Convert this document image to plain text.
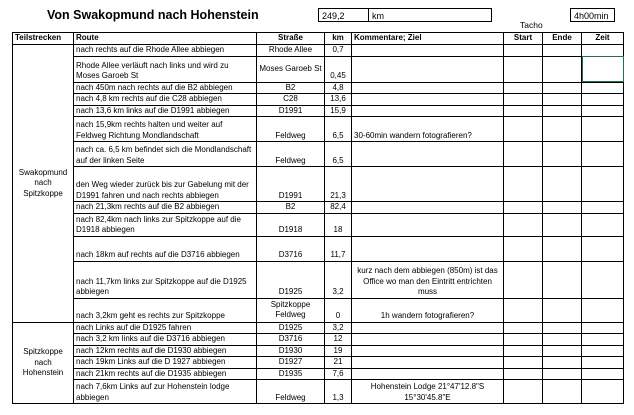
Von Swakopmund nach Hohenstein	249,2	km	4h00min
Tacho
Teilstrecken	Route	Straße	km	Kommentare; Ziel	Start	Ende	Zeit
Swakopmund nach Spitzkoppe	nach rechts auf die Rhode Allee abbiegen	Rhode Allee	0,7				
	Rhode Allee verläuft nach links und wird zu Moses Garoeb St	Moses Garoeb St	0,45				
	nach 450m nach rechts auf die B2 abbiegen	B2	4,8				
	nach 4,8 km rechts auf die C28 abbiegen	C28	13,6				
	nach 13,6 km links auf die D1991 abbiegen	D1991	15,9				
	nach 15,9km rechts halten und weiter auf Feldweg Richtung Mondlandschaft	Feldweg	6,5	30-60min wandern fotografieren?			
	nach ca. 6,5 km befindet sich die Mondlandschaft auf der linken Seite	Feldweg	6,5				
	den Weg wieder zurück bis zur Gabelung mit der D1991 fahren und nach rechts abbiegen	D1991	21,3				
	nach 21,3km rechts auf die B2 abbiegen	B2	82,4				
	nach 82,4km nach links zur Spitzkoppe auf die D1918 abbiegen	D1918	18				
	nach 18km auf rechts auf die D3716 abbiegen	D3716	11,7				
	nach 11,7km links zur Spitzkoppe auf die D1925 abbiegen	D1925	3,2	kurz nach dem abbiegen (850m) ist das Office wo man den Eintritt entrichten muss			
	nach 3,2km geht es rechts zur Spitzkoppe	Spitzkoppe Feldweg	0	1h wandern fotografieren?			
Spitzkoppe nach Hohenstein	nach Links auf die D1925 fahren	D1925	3,2				
	nach 3,2 km links auf die D3716 abbiegen	D3716	12				
	nach 12km rechts auf die D1930 abbiegen	D1930	19				
	nach 19km Links auf die D 1927 abbiegen	D1927	21				
	nach 21km rechts auf die D1935 abbiegen	D1935	7,6				
	nach 7,6km Links auf zur Hohenstein lodge abbiegen	Feldweg	1,3	Hohenstein Lodge 21°47'12.8"S 15°30'45.8"E			
